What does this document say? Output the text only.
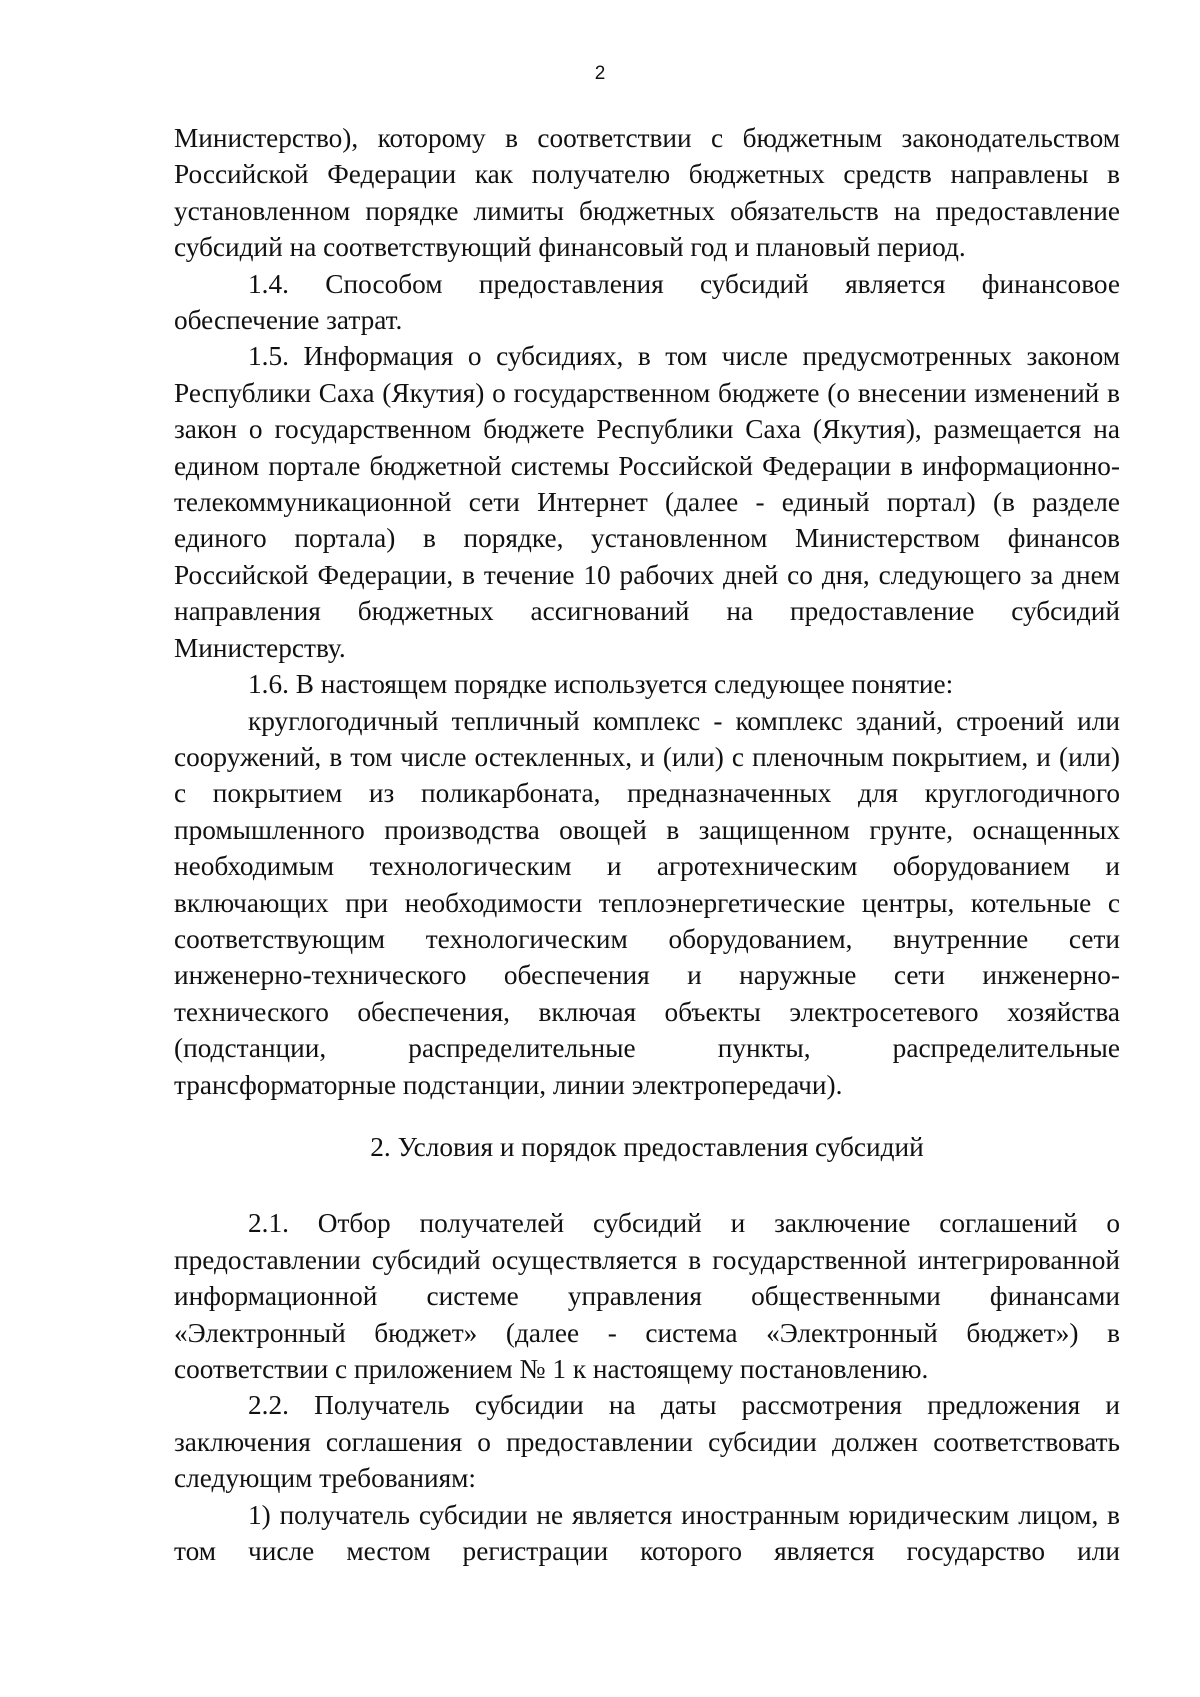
2

Министерство), которому в соответствии с бюджетным законодательством Российской Федерации как получателю бюджетных средств направлены в установленном порядке лимиты бюджетных обязательств на предоставление субсидий на соответствующий финансовый год и плановый период.

1.4. Способом предоставления субсидий является финансовое обеспечение затрат.

1.5. Информация о субсидиях, в том числе предусмотренных законом Республики Саха (Якутия) о государственном бюджете (о внесении изменений в закон о государственном бюджете Республики Саха (Якутия), размещается на едином портале бюджетной системы Российской Федерации в информационно-телекоммуникационной сети Интернет (далее - единый портал) (в разделе единого портала) в порядке, установленном Министерством финансов Российской Федерации, в течение 10 рабочих дней со дня, следующего за днем направления бюджетных ассигнований на предоставление субсидий Министерству.

1.6. В настоящем порядке используется следующее понятие:

круглогодичный тепличный комплекс - комплекс зданий, строений или сооружений, в том числе остекленных, и (или) с пленочным покрытием, и (или) с покрытием из поликарбоната, предназначенных для круглогодичного промышленного производства овощей в защищенном грунте, оснащенных необходимым технологическим и агротехническим оборудованием и включающих при необходимости теплоэнергетические центры, котельные с соответствующим технологическим оборудованием, внутренние сети инженерно-технического обеспечения и наружные сети инженерно-технического обеспечения, включая объекты электросетевого хозяйства (подстанции, распределительные пункты, распределительные трансформаторные подстанции, линии электропередачи).

2. Условия и порядок предоставления субсидий

2.1. Отбор получателей субсидий и заключение соглашений о предоставлении субсидий осуществляется в государственной интегрированной информационной системе управления общественными финансами «Электронный бюджет» (далее - система «Электронный бюджет») в соответствии с приложением № 1 к настоящему постановлению.

2.2. Получатель субсидии на даты рассмотрения предложения и заключения соглашения о предоставлении субсидии должен соответствовать следующим требованиям:

1) получатель субсидии не является иностранным юридическим лицом, в том числе местом регистрации которого является государство или
